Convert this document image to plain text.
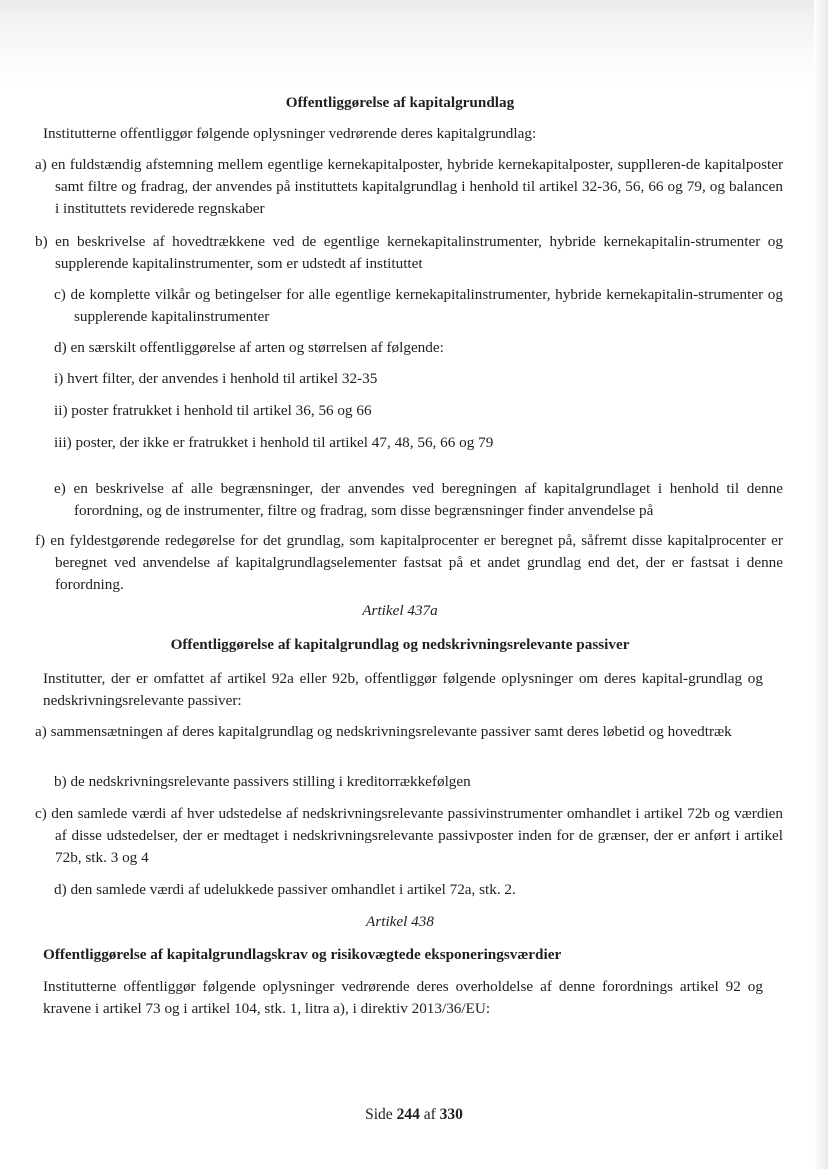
Offentliggørelse af kapitalgrundlag

Institutterne offentliggør følgende oplysninger vedrørende deres kapitalgrundlag:

a) en fuldstændig afstemning mellem egentlige kernekapitalposter, hybride kernekapitalposter, supplleren-de kapitalposter samt filtre og fradrag, der anvendes på instituttets kapitalgrundlag i henhold til artikel 32-36, 56, 66 og 79, og balancen i instituttets reviderede regnskaber

b) en beskrivelse af hovedtrækkene ved de egentlige kernekapitalinstrumenter, hybride kernekapitalin-strumenter og supplerende kapitalinstrumenter, som er udstedt af instituttet

c) de komplette vilkår og betingelser for alle egentlige kernekapitalinstrumenter, hybride kernekapitalin-strumenter og supplerende kapitalinstrumenter

d) en særskilt offentliggørelse af arten og størrelsen af følgende:

i) hvert filter, der anvendes i henhold til artikel 32-35

ii) poster fratrukket i henhold til artikel 36, 56 og 66

iii) poster, der ikke er fratrukket i henhold til artikel 47, 48, 56, 66 og 79

e) en beskrivelse af alle begrænsninger, der anvendes ved beregningen af kapitalgrundlaget i henhold til denne forordning, og de instrumenter, filtre og fradrag, som disse begrænsninger finder anvendelse på

f) en fyldestgørende redegørelse for det grundlag, som kapitalprocenter er beregnet på, såfremt disse kapitalprocenter er beregnet ved anvendelse af kapitalgrundlagselementer fastsat på et andet grundlag end det, der er fastsat i denne forordning.

Artikel 437a

Offentliggørelse af kapitalgrundlag og nedskrivningsrelevante passiver

Institutter, der er omfattet af artikel 92a eller 92b, offentliggør følgende oplysninger om deres kapital-grundlag og nedskrivningsrelevante passiver:

a) sammensætningen af deres kapitalgrundlag og nedskrivningsrelevante passiver samt deres løbetid og hovedtræk

b) de nedskrivningsrelevante passivers stilling i kreditorrækkefølgen

c) den samlede værdi af hver udstedelse af nedskrivningsrelevante passivinstrumenter omhandlet i artikel 72b og værdien af disse udstedelser, der er medtaget i nedskrivningsrelevante passivposter inden for de grænser, der er anført i artikel 72b, stk. 3 og 4

d) den samlede værdi af udelukkede passiver omhandlet i artikel 72a, stk. 2.

Artikel 438

Offentliggørelse af kapitalgrundlagskrav og risikovægtede eksponeringsværdier

Institutterne offentliggør følgende oplysninger vedrørende deres overholdelse af denne forordnings artikel 92 og kravene i artikel 73 og i artikel 104, stk. 1, litra a), i direktiv 2013/36/EU:

Side 244 af 330
